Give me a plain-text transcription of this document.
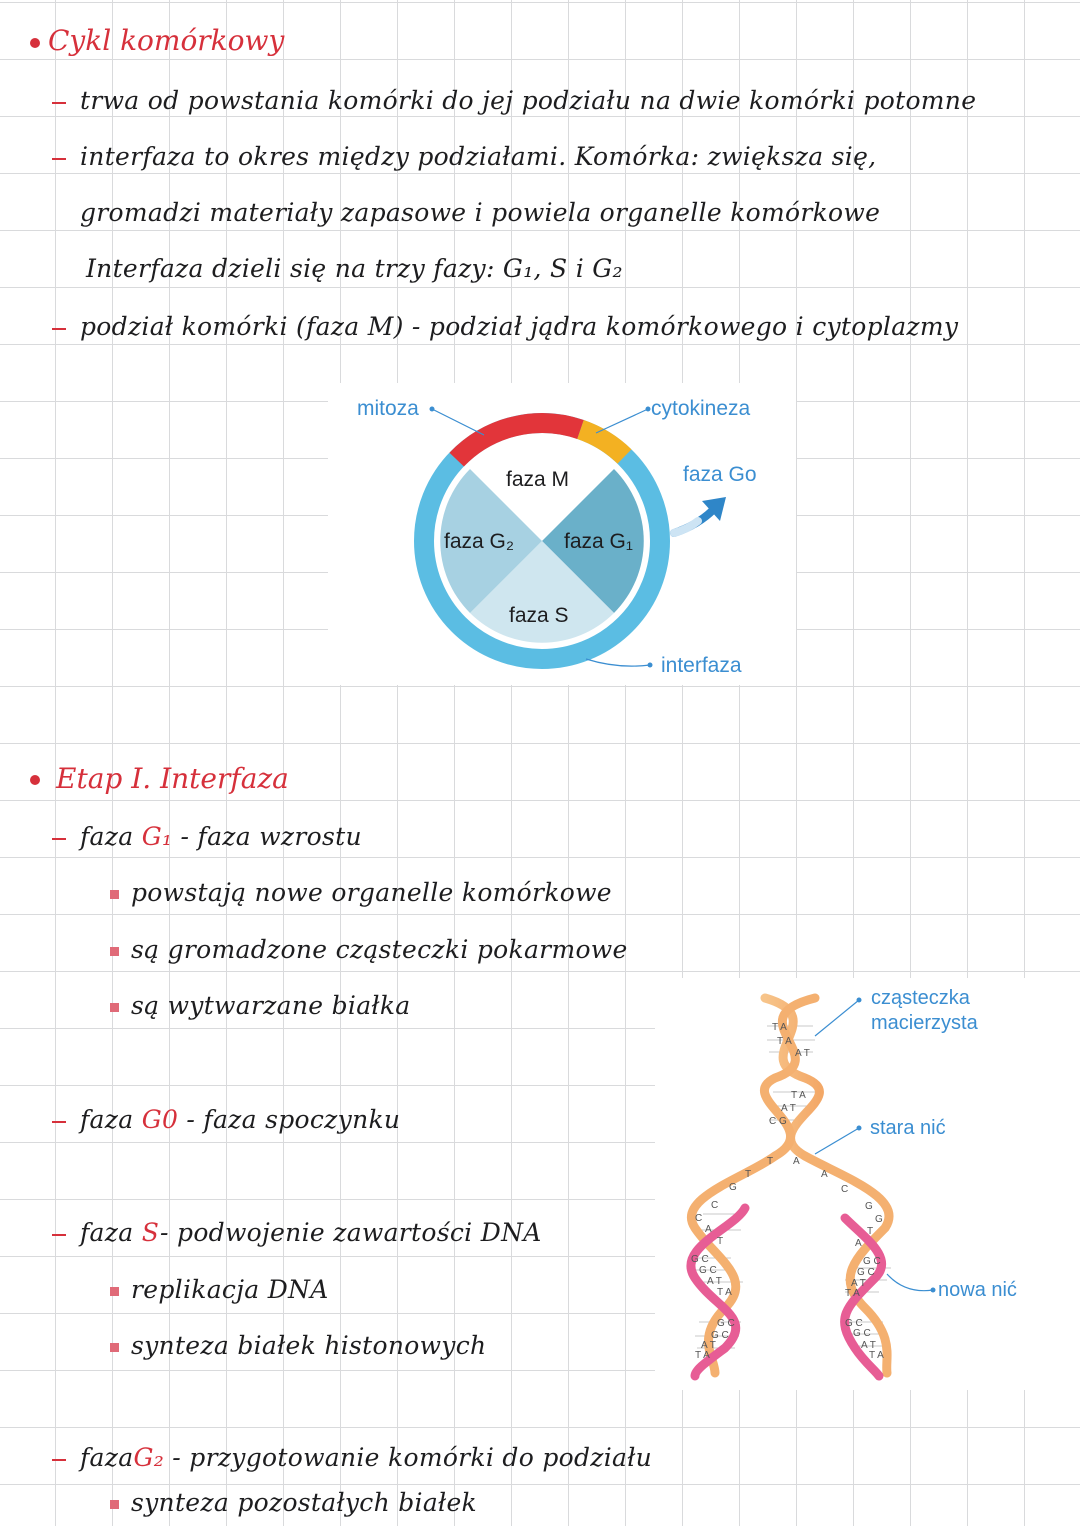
Cykl komórkowy
trwa od powstania komórki do jej podziału na dwie komórki potomne
interfaza to okres między podziałami. Komórka: zwiększa się,
gromadzi materiały zapasowe i powiela organelle komórkowe
Interfaza dzieli się na trzy fazy: G₁, S i G₂
podział komórki (faza M) - podział jądra komórkowego i cytoplazmy
mitoza	cytokineza
faza Go
interfaza
faza M
faza G₂ faza G₁
faza S
Etap I. Interfaza
faza G₁ - faza wzrostu
powstają nowe organelle komórkowe
są gromadzone cząsteczki pokarmowe
są wytwarzane białka
faza G0 - faza spoczynku
faza S- podwojenie zawartości DNA
replikacja DNA
synteza białek histonowych
fazaG₂ - przygotowanie komórki do podziału
synteza pozostałych białek
T A
T A
A T
T A
A T
C G
T A
T
G
A
C
C
C
A
T
G
G
T
A
G C
G C
A T
T A
G C
G C
A T
T A
G C
G C
A T
T A
G C
G C
A T
T A
cząsteczka
macierzysta
stara nić
nowa nić
